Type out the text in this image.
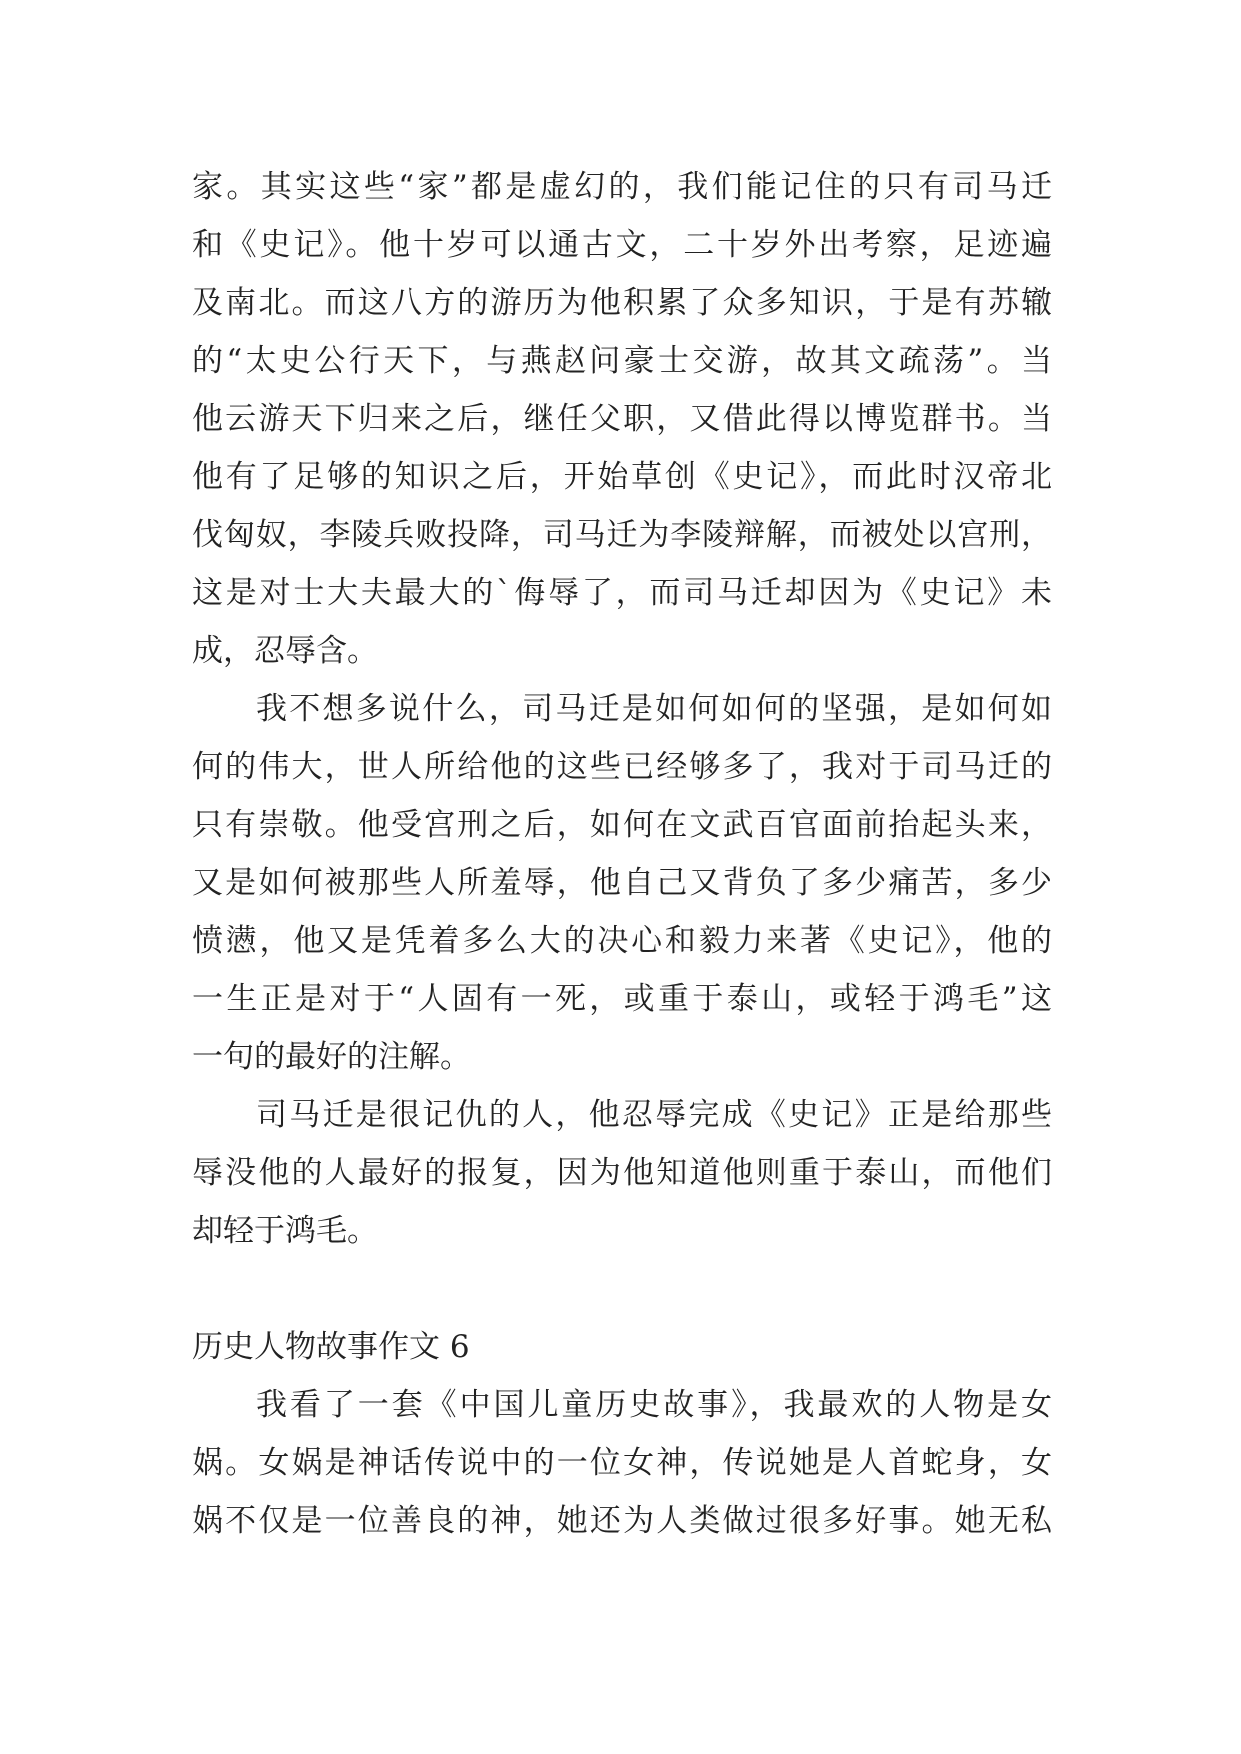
家。其实这些“家”都是虚幻的，我们能记住的只有司马迁
和《史记》。他十岁可以通古文，二十岁外出考察，足迹遍
及南北。而这八方的游历为他积累了众多知识，于是有苏辙
的“太史公行天下，与燕赵问豪士交游，故其文疏荡”。当
他云游天下归来之后，继任父职，又借此得以博览群书。当
他有了足够的知识之后，开始草创《史记》，而此时汉帝北
伐匈奴，李陵兵败投降，司马迁为李陵辩解，而被处以宫刑，
这是对士大夫最大的`侮辱了，而司马迁却因为《史记》未
成，忍辱含。
我不想多说什么，司马迁是如何如何的坚强，是如何如
何的伟大，世人所给他的这些已经够多了，我对于司马迁的
只有崇敬。他受宫刑之后，如何在文武百官面前抬起头来，
又是如何被那些人所羞辱，他自己又背负了多少痛苦，多少
愤懑，他又是凭着多么大的决心和毅力来著《史记》，他的
一生正是对于“人固有一死，或重于泰山，或轻于鸿毛”这
一句的最好的注解。
司马迁是很记仇的人，他忍辱完成《史记》正是给那些
辱没他的人最好的报复，因为他知道他则重于泰山，而他们
却轻于鸿毛。
历史人物故事作文 6
我看了一套《中国儿童历史故事》，我最欢的人物是女
娲。女娲是神话传说中的一位女神，传说她是人首蛇身，女
娲不仅是一位善良的神，她还为人类做过很多好事。她无私
